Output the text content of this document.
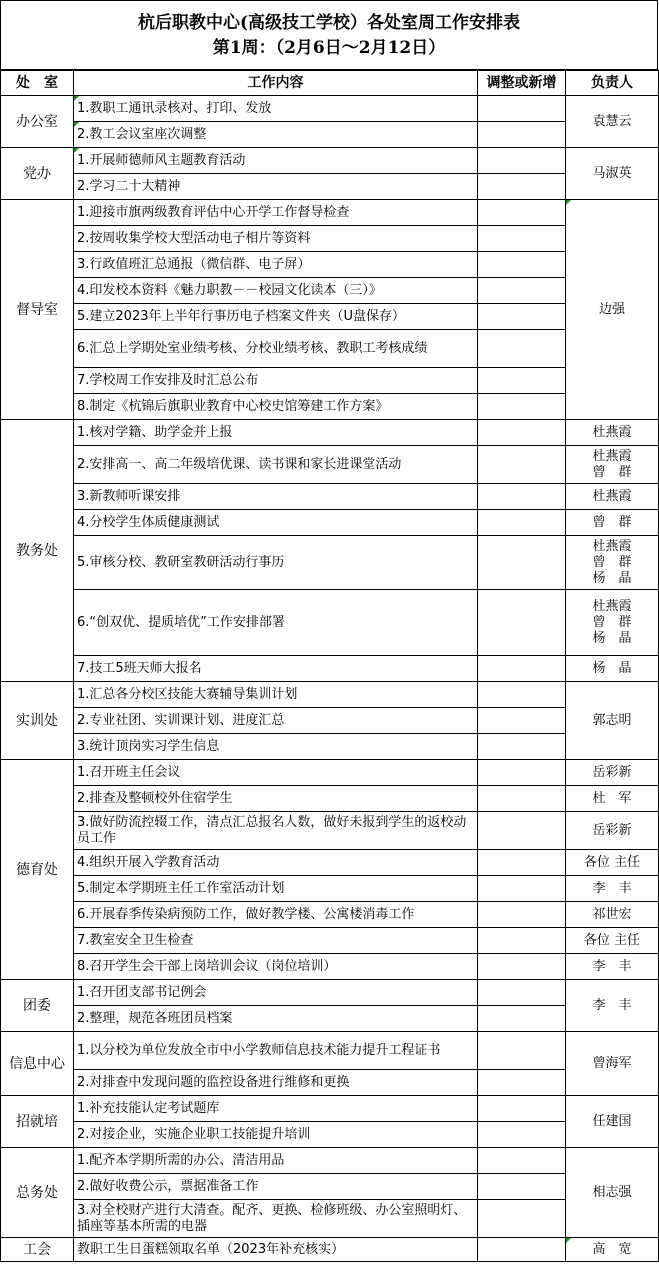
杭后职教中心(高级技工学校）各处室周工作安排表
第1周：（2月6日～2月12日）
处　室	工作内容	调整或新增	负责人
办公室	1.教职工通讯录核对、打印、发放		袁慧云
	2.教工会议室座次调整		
党办	1.开展师德师风主题教育活动		马淑英
	2.学习二十大精神		
督导室	1.迎接市旗两级教育评估中心开学工作督导检查		边强
	2.按周收集学校大型活动电子相片等资料		
	3.行政值班汇总通报（微信群、电子屏）		
	4.印发校本资料《魅力职教－－校园文化读本（三）》		
	5.建立2023年上半年行事历电子档案文件夹（U盘保存）		
	6.汇总上学期处室业绩考核、分校业绩考核、教职工考核成绩		
	7.学校周工作安排及时汇总公布		
	8.制定《杭锦后旗职业教育中心校史馆筹建工作方案》		
教务处	1.核对学籍、助学金并上报		杜燕霞

	2.安排高一、高二年级培优课、读书课和家长进课堂活动		杜燕霞
曾　群

	3.新教师听课安排		杜燕霞

	4.分校学生体质健康测试		曾　群

	5.审核分校、教研室教研活动行事历		杜燕霞
曾　群
杨　晶

	6.“创双优、提质培优”工作安排部署		杜燕霞
曾　群
杨　晶

	7.技工5班天师大报名		杨　晶

实训处	1.汇总各分校区技能大赛辅导集训计划		郭志明
	2.专业社团、实训课计划、进度汇总		
	3.统计顶岗实习学生信息		
德育处	1.召开班主任会议		岳彩新
	2.排查及整顿校外住宿学生		杜　军
	3.做好防流控辍工作，清点汇总报名人数，做好未报到学生的返校动员工作		岳彩新
	4.组织开展入学教育活动		各位 主任
	5.制定本学期班主任工作室活动计划		李　丰
	6.开展春季传染病预防工作，做好教学楼、公寓楼消毒工作		祁世宏
	7.教室安全卫生检查		各位 主任
	8.召开学生会干部上岗培训会议（岗位培训）		李　丰
团委	1.召开团支部书记例会		李　丰
	2.整理，规范各班团员档案		
信息中心	1.以分校为单位发放全市中小学教师信息技术能力提升工程证书		曾海军
	2.对排查中发现问题的监控设备进行维修和更换		
招就培	1.补充技能认定考试题库		任建国
	2.对接企业，实施企业职工技能提升培训		
总务处	1.配齐本学期所需的办公、清洁用品		相志强
	2.做好收费公示，票据准备工作		
	3.对全校财产进行大清查。配齐、更换、检修班级、办公室照明灯、插座等基本所需的电器		
工会	教职工生日蛋糕领取名单（2023年补充核实）		高　宽
